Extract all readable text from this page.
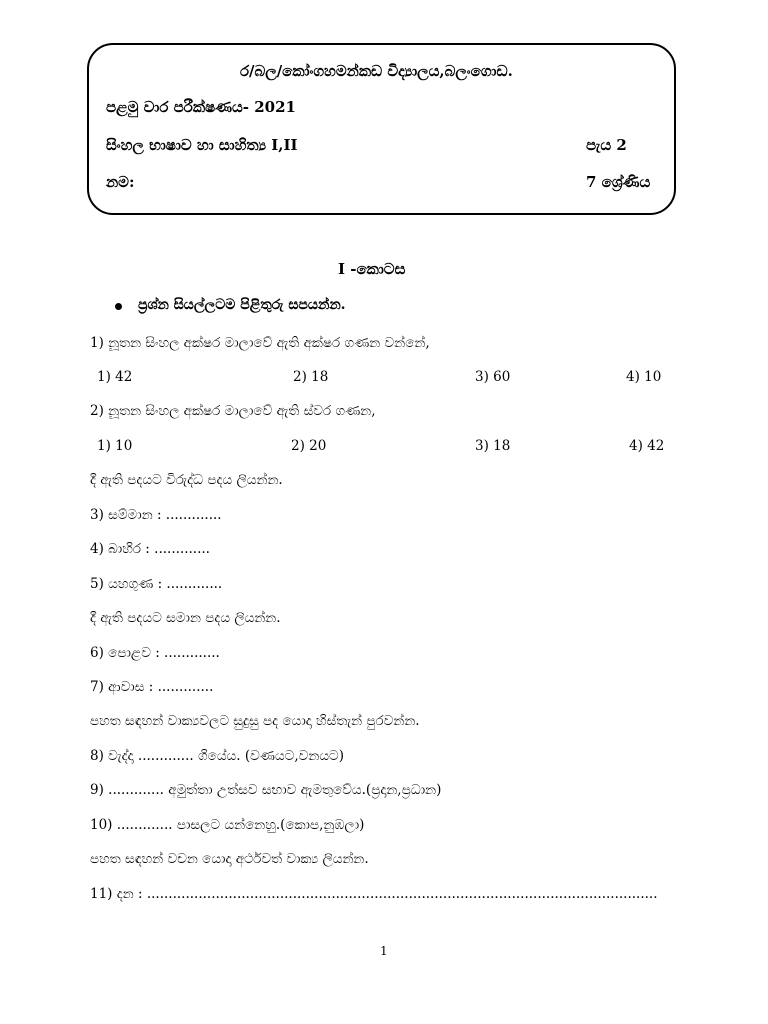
ර/බල/කෝංගහමන්කඩ විද්‍යාලය,බලංගොඩ.
පළමු වාර පරීක්ෂණය- 2021
සිංහල භාෂාව හා සාහිත්‍ය I,II	පැය 2
නම:	7 ශ්‍රේණිය
I -කොටස
ප්‍රශ්න සියල්ලටම පිළිතුරු සපයන්න.
1) නූතන සිංහල අක්ෂර මාලාවේ ඇති අක්ෂර ගණන වන්නේ,
1) 42	2) 18	3) 60	4) 10
2) නූතන සිංහල අක්ෂර මාලාවේ ඇති ස්වර ගණන,
1) 10	2) 20	3) 18	4) 42
දී ඇති පදයට විරුද්ධ පදය ලියන්න.
3) සම්මාන : .............
4) බාහිර : .............
5) යහගුණ : .............
දී ඇති පදයට සමාන පදය ලියන්න.
6) පොළව : .............
7) ආවාස : .............
පහත සඳහන් වාක්‍යවලට සුදුසු පද යොදා හිස්තැන් පුරවන්න.
8) වැද්දා ............. ගියේය. (වණයට,වනයට)
9) ............. අමුත්තා උත්සව සභාව ඇමතුවේය.(ප්‍රදාන,ප්‍රධාන)
10) ............. පාසලට යන්නෙහු.(කොප,නුඹලා)
පහත සඳහන් වචන යොදා අර්ථවත් වාක්‍ය ලියන්න.
11) දන : .......................................................................................................................
1
